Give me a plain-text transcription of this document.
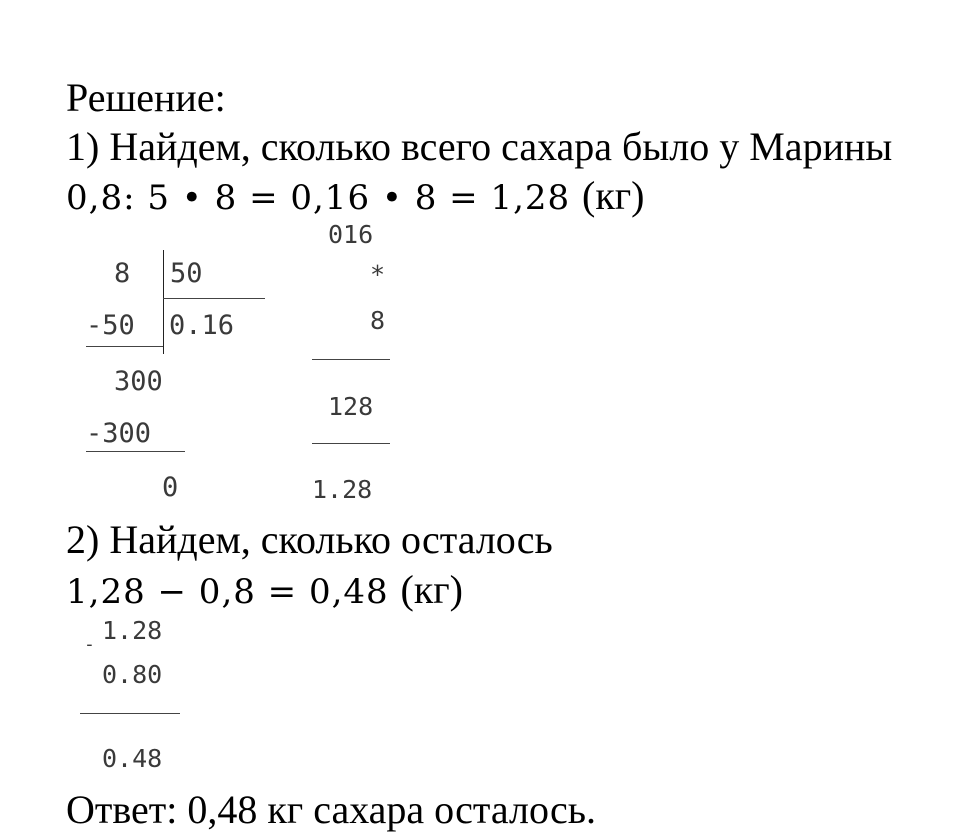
Решение:
1) Найдем, сколько всего сахара было у Марины
0,8: 5 • 8 = 0,16 • 8 = 1,28 (кг)
8 50
-50 0.16
300
-300
0
016
*
8
128
1.28
2) Найдем, сколько осталось
1,28 − 0,8 = 0,48 (кг)
- 1.28
0.80
0.48
Ответ: 0,48 кг сахара осталось.
